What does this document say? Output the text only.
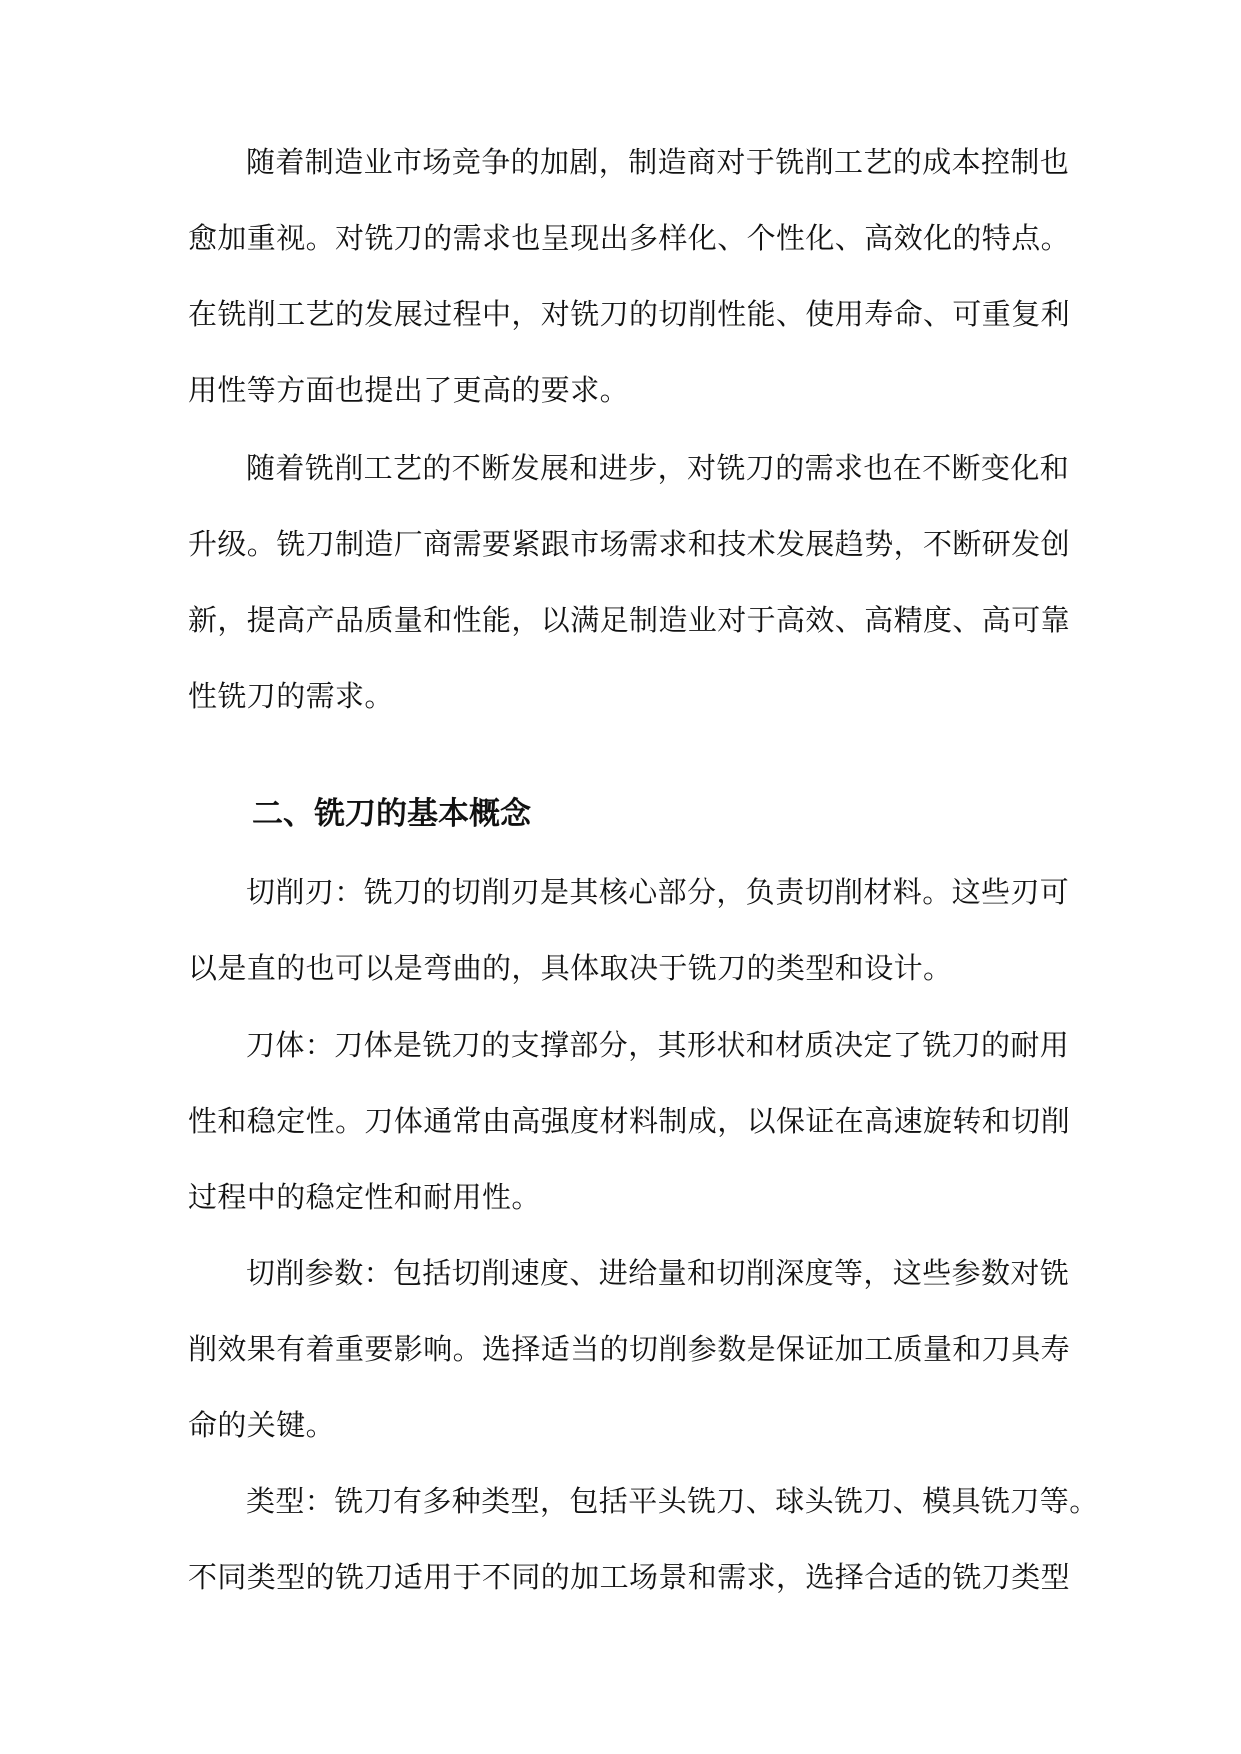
随着制造业市场竞争的加剧，制造商对于铣削工艺的成本控制也
愈加重视。对铣刀的需求也呈现出多样化、个性化、高效化的特点。
在铣削工艺的发展过程中，对铣刀的切削性能、使用寿命、可重复利
用性等方面也提出了更高的要求。

随着铣削工艺的不断发展和进步，对铣刀的需求也在不断变化和
升级。铣刀制造厂商需要紧跟市场需求和技术发展趋势，不断研发创
新，提高产品质量和性能，以满足制造业对于高效、高精度、高可靠
性铣刀的需求。

二、铣刀的基本概念

切削刃：铣刀的切削刃是其核心部分，负责切削材料。这些刃可
以是直的也可以是弯曲的，具体取决于铣刀的类型和设计。

刀体：刀体是铣刀的支撑部分，其形状和材质决定了铣刀的耐用
性和稳定性。刀体通常由高强度材料制成，以保证在高速旋转和切削
过程中的稳定性和耐用性。

切削参数：包括切削速度、进给量和切削深度等，这些参数对铣
削效果有着重要影响。选择适当的切削参数是保证加工质量和刀具寿
命的关键。

类型：铣刀有多种类型，包括平头铣刀、球头铣刀、模具铣刀等。
不同类型的铣刀适用于不同的加工场景和需求，选择合适的铣刀类型
